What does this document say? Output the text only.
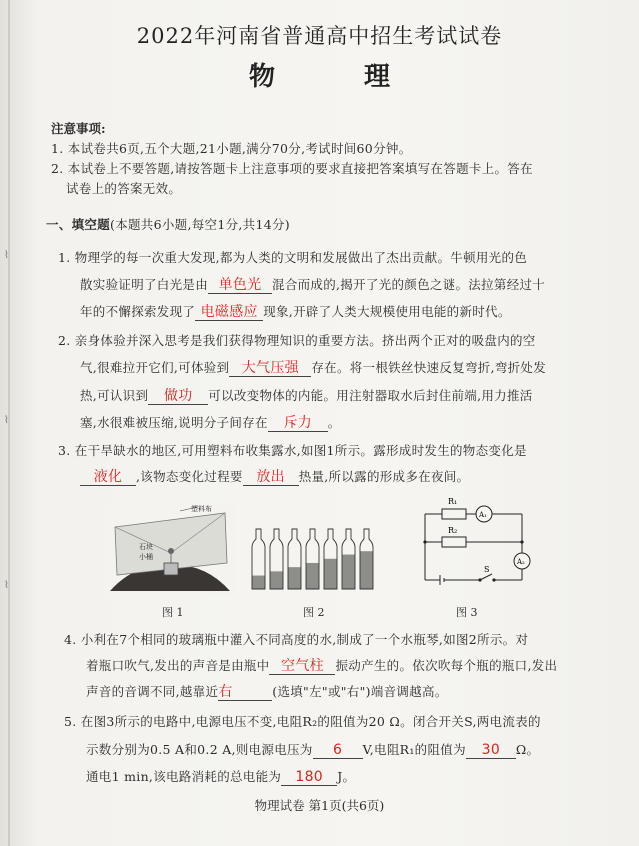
⌇
⌇
⌇
2022年河南省普通高中招生考试试卷
物 理
注意事项:
1. 本试卷共6页,五个大题,21小题,满分70分,考试时间60分钟。
2. 本试卷上不要答题,请按答题卡上注意事项的要求直接把答案填写在答题卡上。答在
试卷上的答案无效。
一、填空题(本题共6小题,每空1分,共14分)
1. 物理学的每一次重大发现,都为人类的文明和发展做出了杰出贡献。牛顿用光的色
散实验证明了白光是由 单色光 混合而成的,揭开了光的颜色之谜。法拉第经过十
年的不懈探索发现了 电磁感应 现象,开辟了人类大规模使用电能的新时代。
2. 亲身体验并深入思考是我们获得物理知识的重要方法。挤出两个正对的吸盘内的空
气,很难拉开它们,可体验到 大气压强 存在。将一根铁丝快速反复弯折,弯折处发
热,可认识到 做功 可以改变物体的内能。用注射器取水后封住前端,用力推活
塞,水很难被压缩,说明分子间存在 斥力 。
3. 在干旱缺水的地区,可用塑料布收集露水,如图1所示。露形成时发生的物态变化是
液化 ,该物态变化过程要 放出 热量,所以露的形成多在夜间。
塑料布
石块
小桶
图 1	图 2
R₁
R₂
A₁
A₂
S
图 3
4. 小利在7个相同的玻璃瓶中灌入不同高度的水,制成了一个水瓶琴,如图2所示。对
着瓶口吹气,发出的声音是由瓶中 空气柱 振动产生的。依次吹每个瓶的瓶口,发出
声音的音调不同,越靠近右	(选填"左"或"右")端音调越高。
5. 在图3所示的电路中,电源电压不变,电阻R₂的阻值为20 Ω。闭合开关S,两电流表的
示数分别为0.5 A和0.2 A,则电源电压为 6 V,电阻R₁的阻值为 30 Ω。
通电1 min,该电路消耗的总电能为 180 J。
物理试卷 第1页(共6页)
